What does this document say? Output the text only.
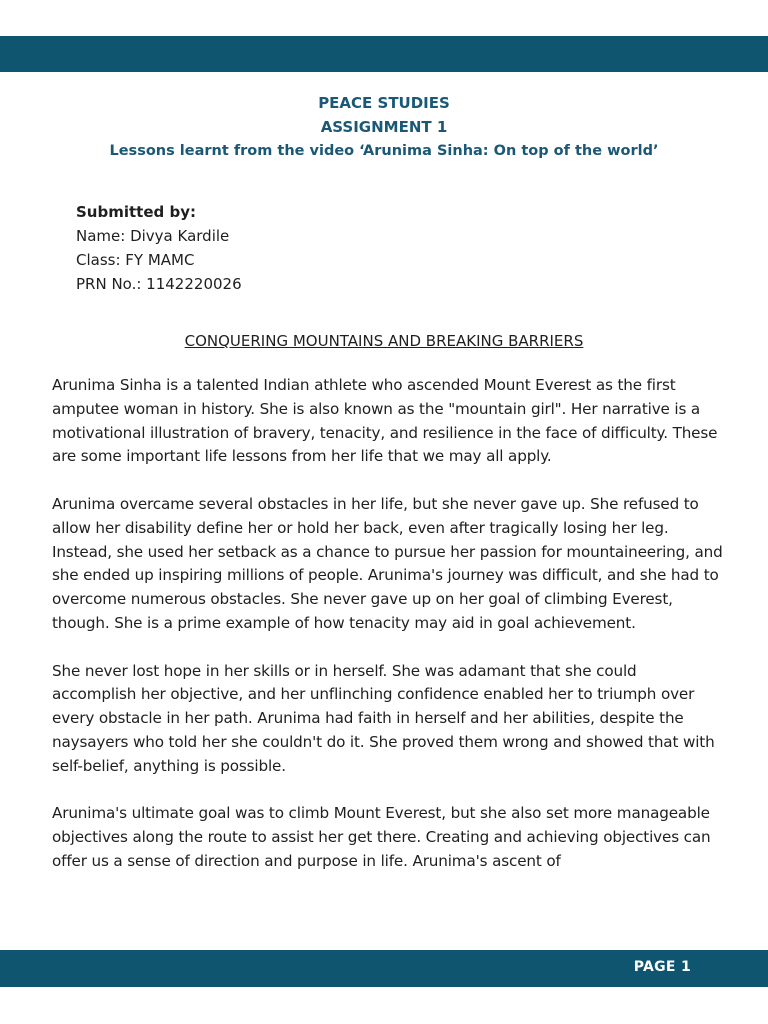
PEACE STUDIES
ASSIGNMENT 1
Lessons learnt from the video ‘Arunima Sinha: On top of the world’
Submitted by:
Name: Divya Kardile
Class: FY MAMC
PRN No.: 1142220026
CONQUERING MOUNTAINS AND BREAKING BARRIERS

Arunima Sinha is a talented Indian athlete who ascended Mount Everest as the first amputee woman in history. She is also known as the "mountain girl". Her narrative is a motivational illustration of bravery, tenacity, and resilience in the face of difficulty. These are some important life lessons from her life that we may all apply.

Arunima overcame several obstacles in her life, but she never gave up. She refused to allow her disability define her or hold her back, even after tragically losing her leg. Instead, she used her setback as a chance to pursue her passion for mountaineering, and she ended up inspiring millions of people. Arunima's journey was difficult, and she had to overcome numerous obstacles. She never gave up on her goal of climbing Everest, though. She is a prime example of how tenacity may aid in goal achievement.

She never lost hope in her skills or in herself. She was adamant that she could accomplish her objective, and her unflinching confidence enabled her to triumph over every obstacle in her path. Arunima had faith in herself and her abilities, despite the naysayers who told her she couldn't do it. She proved them wrong and showed that with self-belief, anything is possible.

Arunima's ultimate goal was to climb Mount Everest, but she also set more manageable objectives along the route to assist her get there. Creating and achieving objectives can offer us a sense of direction and purpose in life. Arunima's ascent of

PAGE 1
